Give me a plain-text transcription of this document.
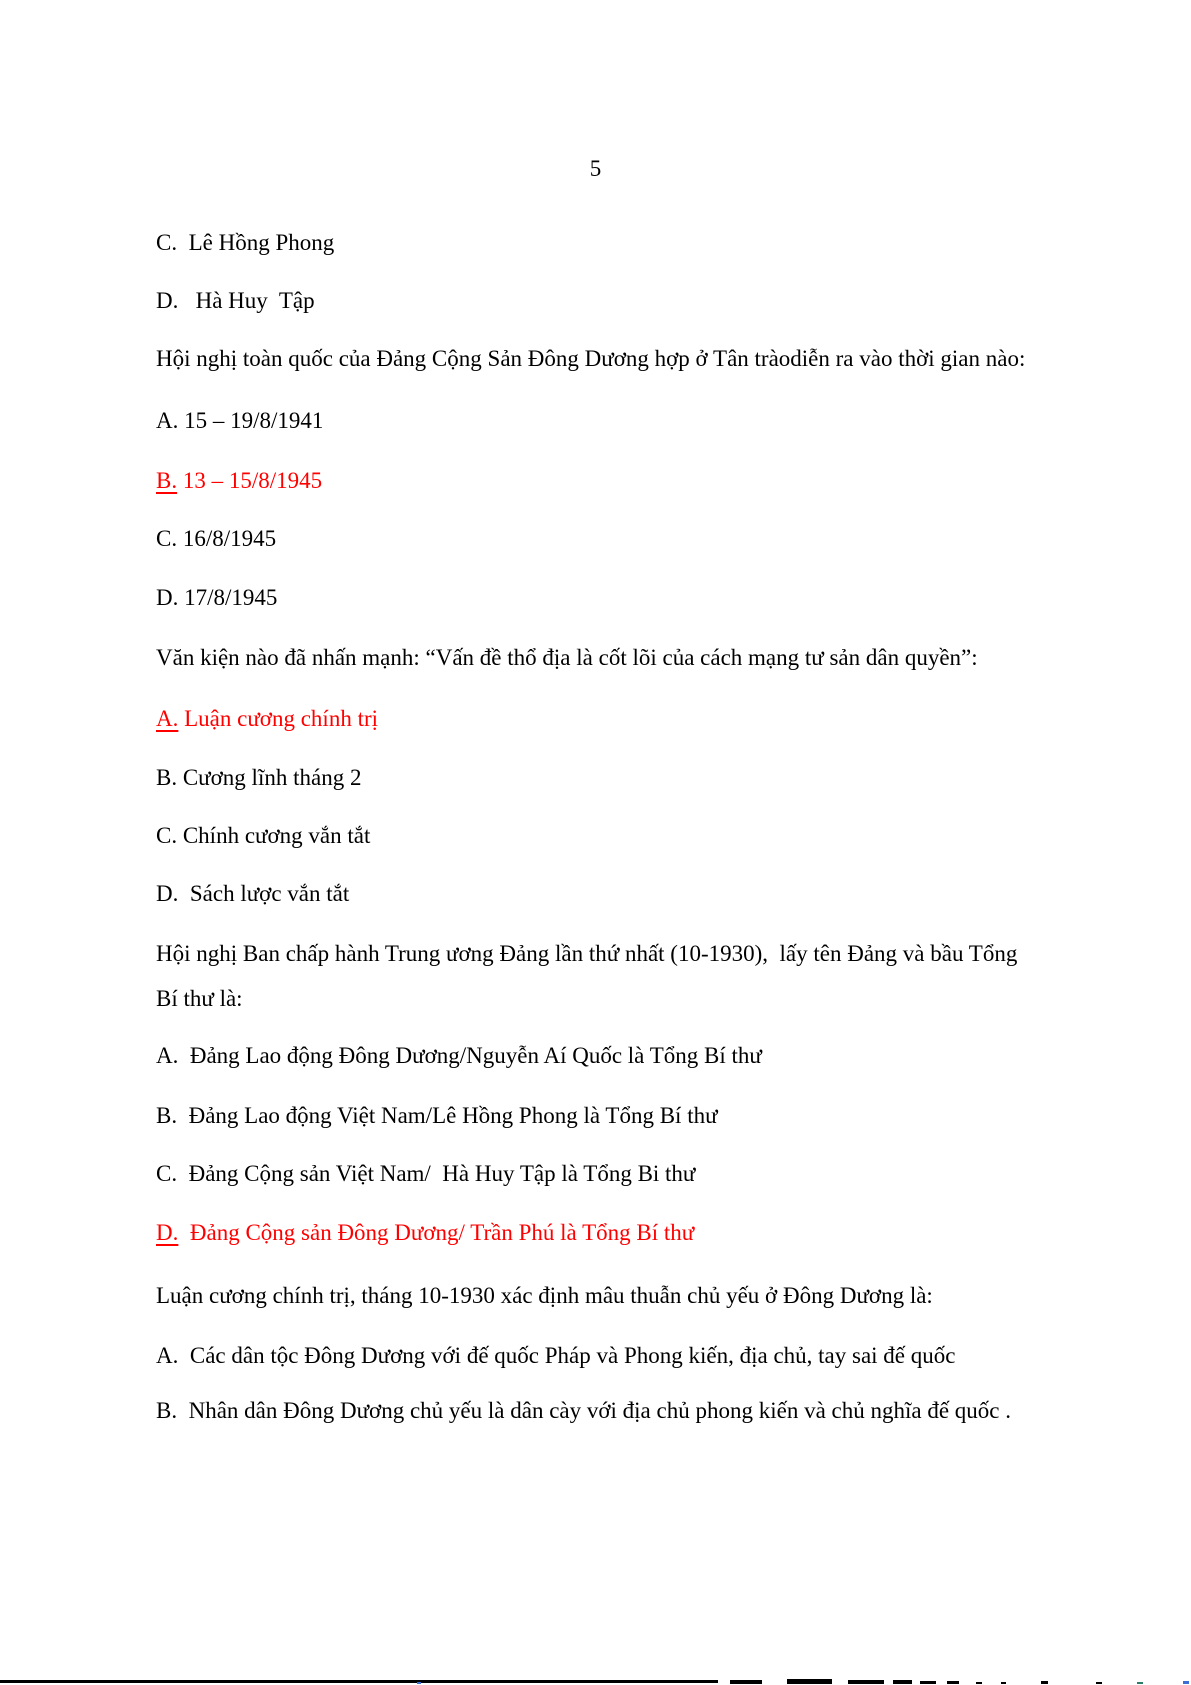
5
C.  Lê Hồng Phong
D.   Hà Huy  Tập
Hội nghị toàn quốc của Đảng Cộng Sản Đông Dương hợp ở Tân tràodiễn ra vào thời gian nào:
A. 15 – 19/8/1941
B. 13 – 15/8/1945
C. 16/8/1945
D. 17/8/1945
Văn kiện nào đã nhấn mạnh: “Vấn đề thổ địa là cốt lõi của cách mạng tư sản dân quyền”:
A. Luận cương chính trị
B. Cương lĩnh tháng 2
C. Chính cương vắn tắt
D.  Sách lược vắn tắt
Hội nghị Ban chấp hành Trung ương Đảng lần thứ nhất (10-1930),  lấy tên Đảng và bầu Tổng
Bí thư là:
A.  Đảng Lao động Đông Dương/Nguyễn Aí Quốc là Tổng Bí thư
B.  Đảng Lao động Việt Nam/Lê Hồng Phong là Tổng Bí thư
C.  Đảng Cộng sản Việt Nam/  Hà Huy Tập là Tổng Bi thư
D.  Đảng Cộng sản Đông Dương/ Trần Phú là Tổng Bí thư
Luận cương chính trị, tháng 10-1930 xác định mâu thuẫn chủ yếu ở Đông Dương là:
A.  Các dân tộc Đông Dương với đế quốc Pháp và Phong kiến, địa chủ, tay sai đế quốc
B.  Nhân dân Đông Dương chủ yếu là dân cày với địa chủ phong kiến và chủ nghĩa đế quốc .
